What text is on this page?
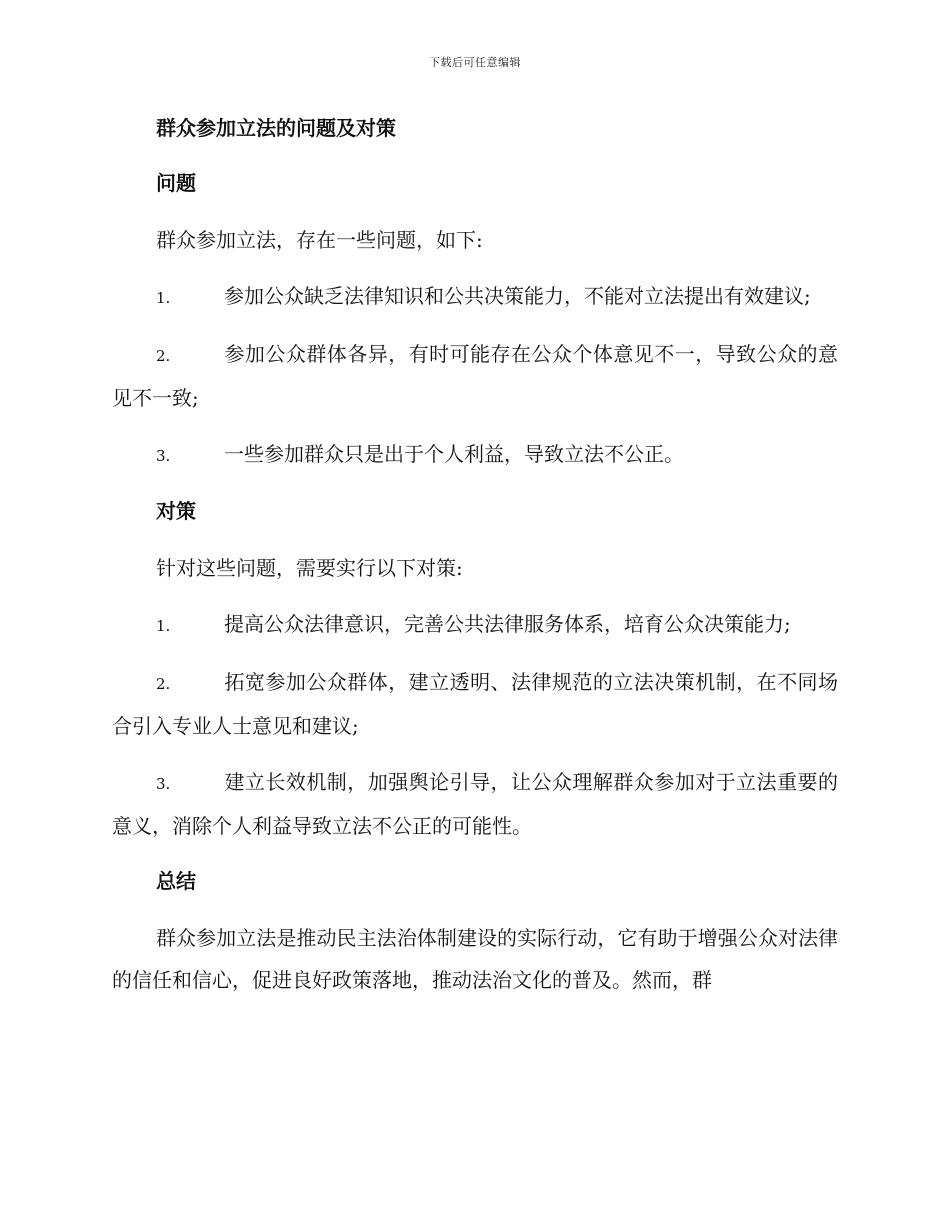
下载后可任意编辑
群众参加立法的问题及对策
问题

群众参加立法，存在一些问题，如下:

1.	参加公众缺乏法律知识和公共决策能力，不能对立法提出有效建议;

2.	参加公众群体各异，有时可能存在公众个体意见不一，导致公众的意见不一致;

3.	一些参加群众只是出于个人利益，导致立法不公正。

对策

针对这些问题，需要实行以下对策:

1.	提高公众法律意识，完善公共法律服务体系，培育公众决策能力;

2.	拓宽参加公众群体，建立透明、法律规范的立法决策机制，在不同场合引入专业人士意见和建议;

3.	建立长效机制，加强舆论引导，让公众理解群众参加对于立法重要的意义，消除个人利益导致立法不公正的可能性。

总结

群众参加立法是推动民主法治体制建设的实际行动，它有助于增强公众对法律的信任和信心，促进良好政策落地，推动法治文化的普及。然而，群
